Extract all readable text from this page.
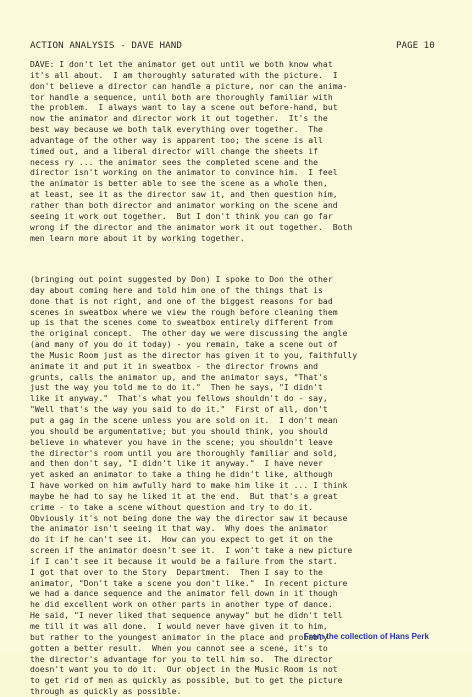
ACTION ANALYSIS - DAVE HAND	PAGE 10
DAVE: I don't let the animator get out until we both know what
it's all about.  I am thoroughly saturated with the picture.  I
don't believe a director can handle a picture, nor can the anima-
tor handle a sequence, until both are thoroughly familiar with
the problem.  I always want to lay a scene out before-hand, but
now the animator and director work it out together.  It's the
best way because we both talk everything over together.  The
advantage of the other way is apparent too; the scene is all
timed out, and a liberal director will change the sheets if
necess ry ... the animator sees the completed scene and the
director isn't working on the animator to convince him.  I feel
the animator is better able to see the scene as a whole then,
at least, see it as the director saw it, and then question him,
rather than both director and animator working on the scene and
seeing it work out together.  But I don't think you can go far
wrong if the director and the animator work it out together.  Both
men learn more about it by working together.
(bringing out point suggested by Don) I spoke to Don the other
day about coming here and told him one of the things that is
done that is not right, and one of the biggest reasons for bad
scenes in sweatbox where we view the rough before cleaning them
up is that the scenes come to sweatbox entirely different from
the original concept.  The other day we were discussing the angle
(and many of you do it today) - you remain, take a scene out of
the Music Room just as the director has given it to you, faithfully
animate it and put it in sweatbox - the director frowns and
grunts, calls the animator up, and the animator says, "That's
just the way you told me to do it."  Then he says, "I didn't
like it anyway."  That's what you fellows shouldn't do - say,
"Well that's the way you said to do it."  First of all, don't
put a gag in the scene unless you are sold on it.  I don't mean
you should be argumentative; but you should think, you should
believe in whatever you have in the scene; you shouldn't leave
the director's room until you are thoroughly familiar and sold,
and then don't say, "I didn't like it anyway."  I have never
yet asked an animator to take a thing he didn't like, although
I have worked on him awfully hard to make him like it ... I think
maybe he had to say he liked it at the end.  But that's a great
crime - to take a scene without question and try to do it.
Obviously it's not being done the way the director saw it because
the animator isn't seeing it that way.  Why does the animator
do it if he can't see it.  How can you expect to get it on the
screen if the animator doesn't see it.  I won't take a new picture
if I can't see it because it would be a failure from the start.
I got that over to the Story  Department.  Then I say to the
animator, "Don't take a scene you don't like."  In recent picture
we had a dance sequence and the animator fell down in it though
he did excellent work on other parts in another type of dance.
He said, "I never liked that sequence anyway" but he didn't tell
me till it was all done.  I would never have given it to him,
but rather to the youngest animator in the place and probably
gotten a better result.  When you cannot see a scene, it's to
the director's advantage for you to tell him so.  The director
doesn't want you to do it.  Our object in the Music Room is not
to get rid of men as quickly as possible, but to get the picture
through as quickly as possible.
From the collection of Hans Perk
